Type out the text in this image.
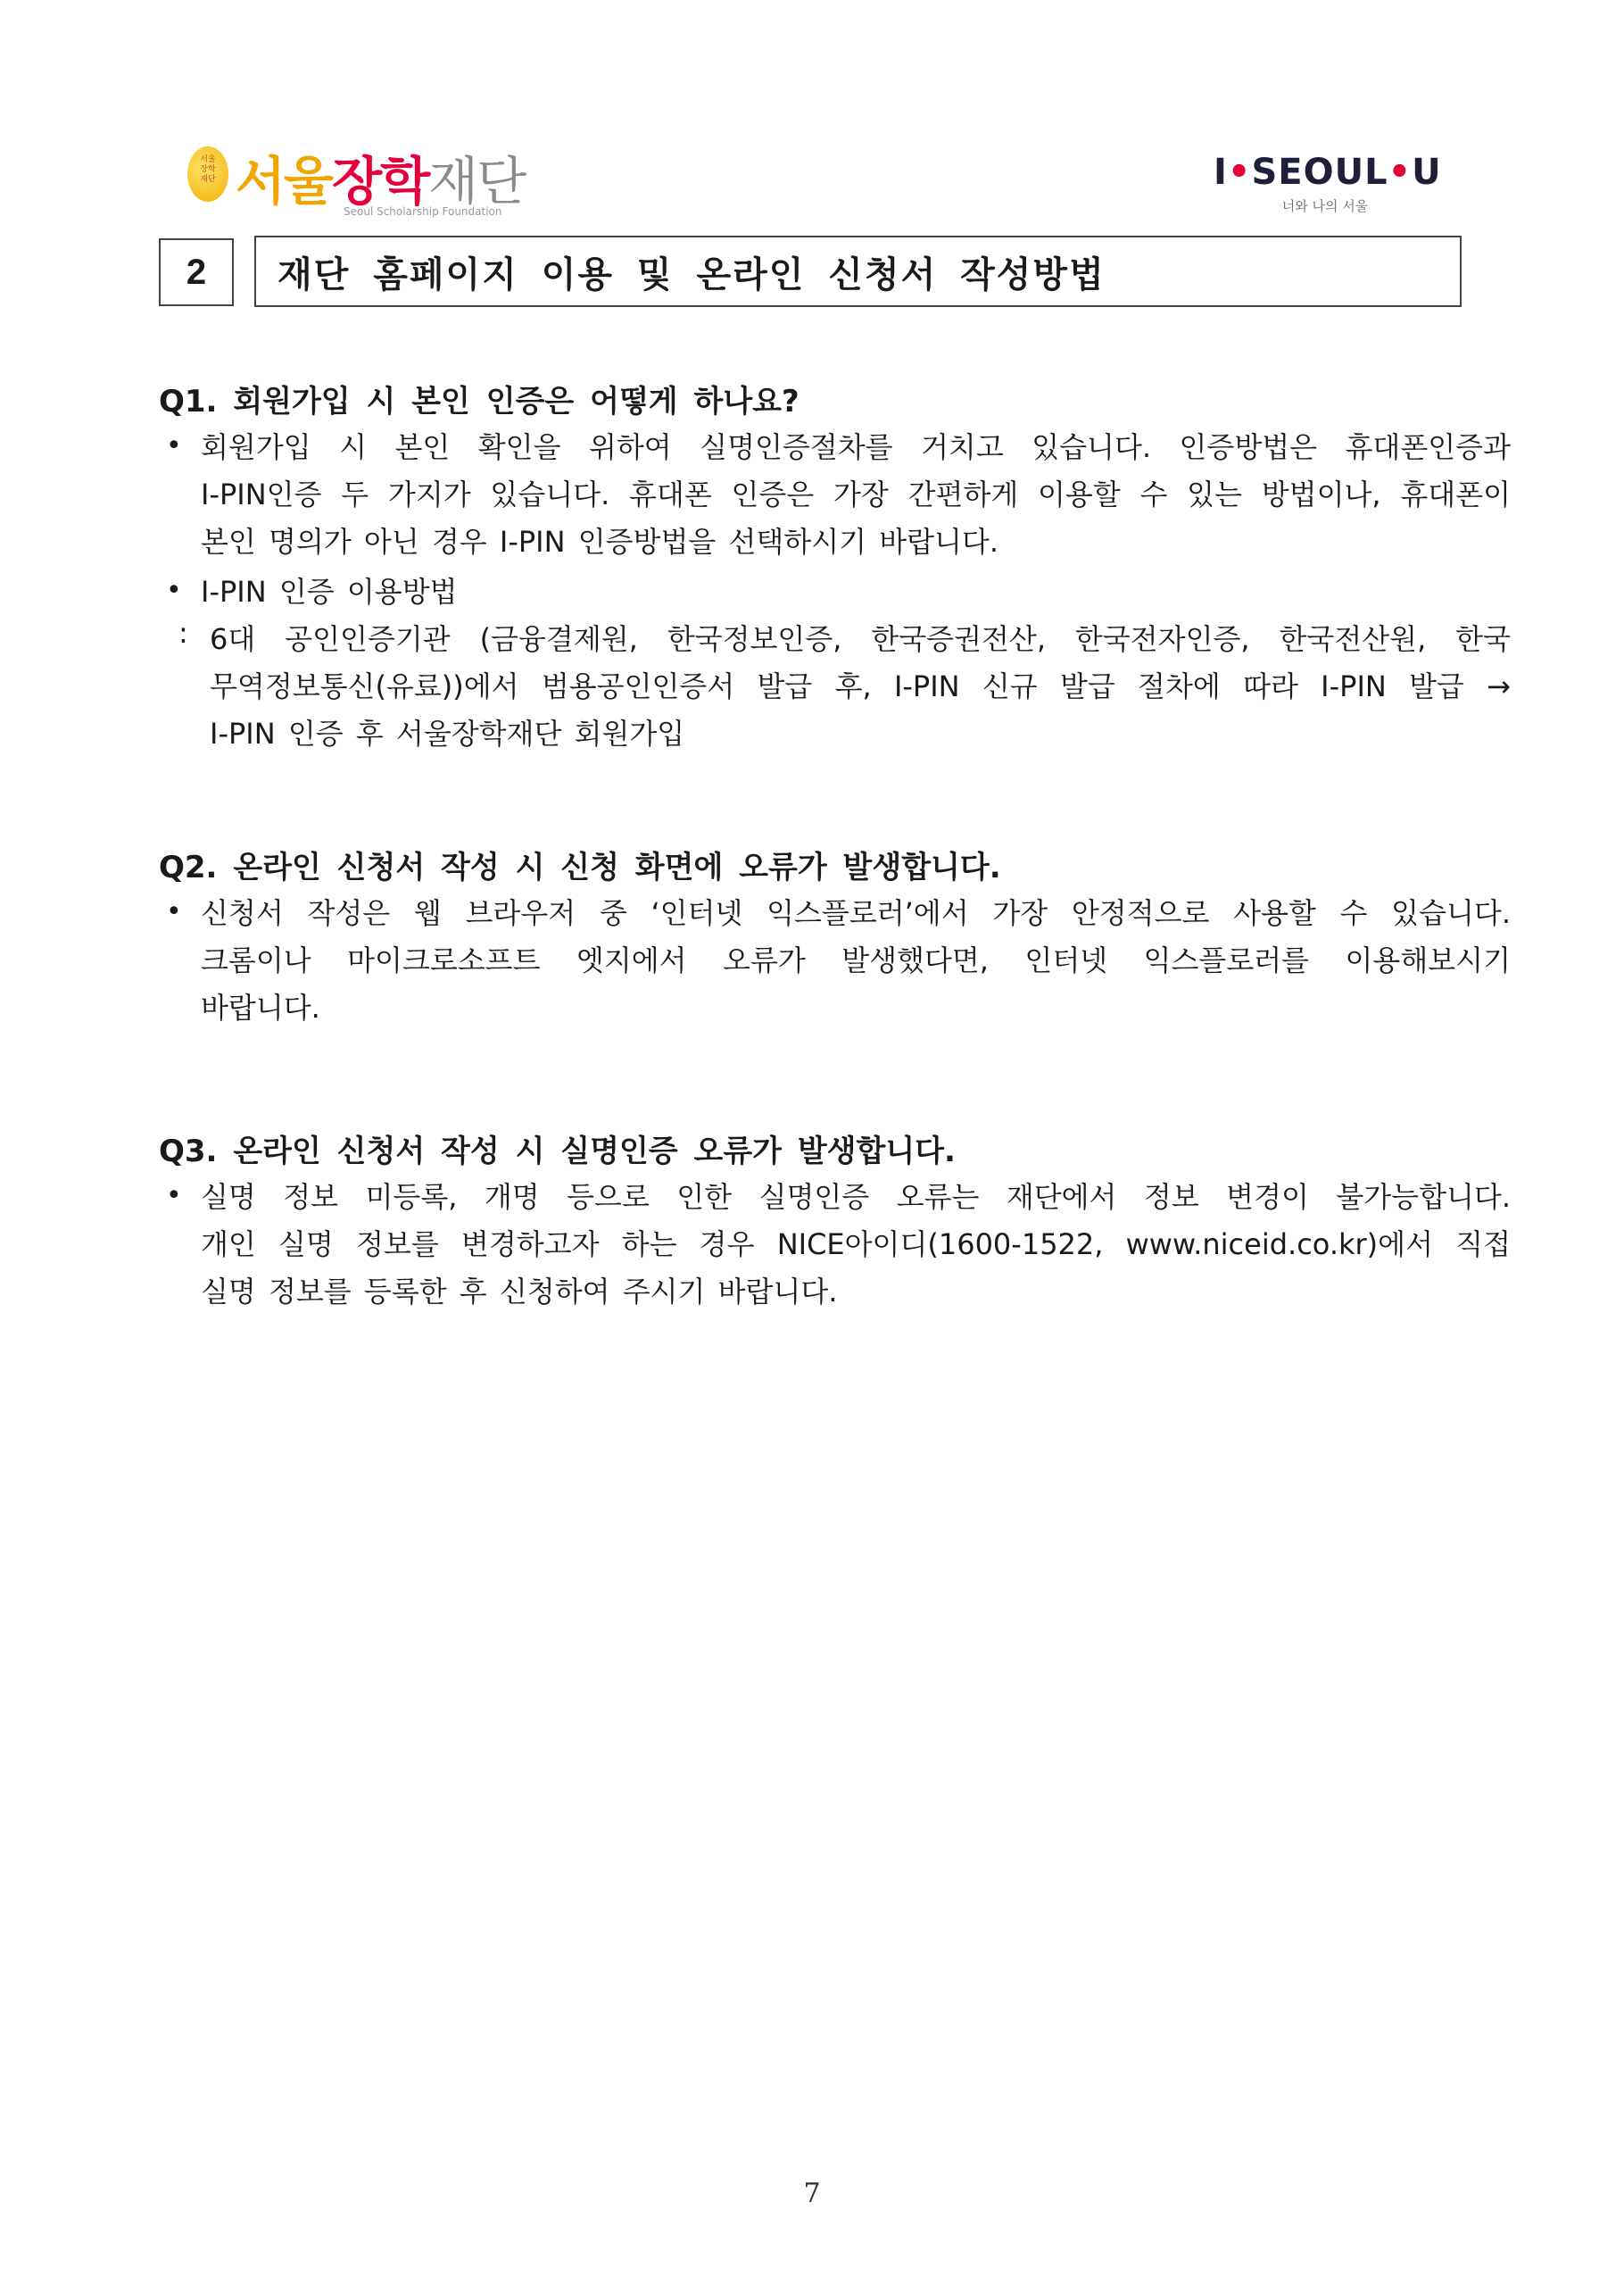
서울
장학
재단 서울장학재단
Seoul Scholarship Foundation
I•SEOUL•U
너와 나의 서울
2	재단 홈페이지 이용 및 온라인 신청서 작성방법
Q1. 회원가입 시 본인 인증은 어떻게 하나요?
• 회원가입 시 본인 확인을 위하여 실명인증절차를 거치고 있습니다. 인증방법은 휴대폰인증과
I-PIN인증 두 가지가 있습니다. 휴대폰 인증은 가장 간편하게 이용할 수 있는 방법이나, 휴대폰이
본인 명의가 아닌 경우 I-PIN 인증방법을 선택하시기 바랍니다.
• I-PIN 인증 이용방법
: 6대 공인인증기관 (금융결제원, 한국정보인증, 한국증권전산, 한국전자인증, 한국전산원, 한국
무역정보통신(유료))에서 범용공인인증서 발급 후, I-PIN 신규 발급 절차에 따라 I-PIN 발급 →
I-PIN 인증 후 서울장학재단 회원가입
Q2. 온라인 신청서 작성 시 신청 화면에 오류가 발생합니다.
• 신청서 작성은 웹 브라우저 중 ‘인터넷 익스플로러’에서 가장 안정적으로 사용할 수 있습니다.
크롬이나 마이크로소프트 엣지에서 오류가 발생했다면, 인터넷 익스플로러를 이용해보시기
바랍니다.
Q3. 온라인 신청서 작성 시 실명인증 오류가 발생합니다.
• 실명 정보 미등록, 개명 등으로 인한 실명인증 오류는 재단에서 정보 변경이 불가능합니다.
개인 실명 정보를 변경하고자 하는 경우 NICE아이디(1600-1522, www.niceid.co.kr)에서 직접
실명 정보를 등록한 후 신청하여 주시기 바랍니다.
7
